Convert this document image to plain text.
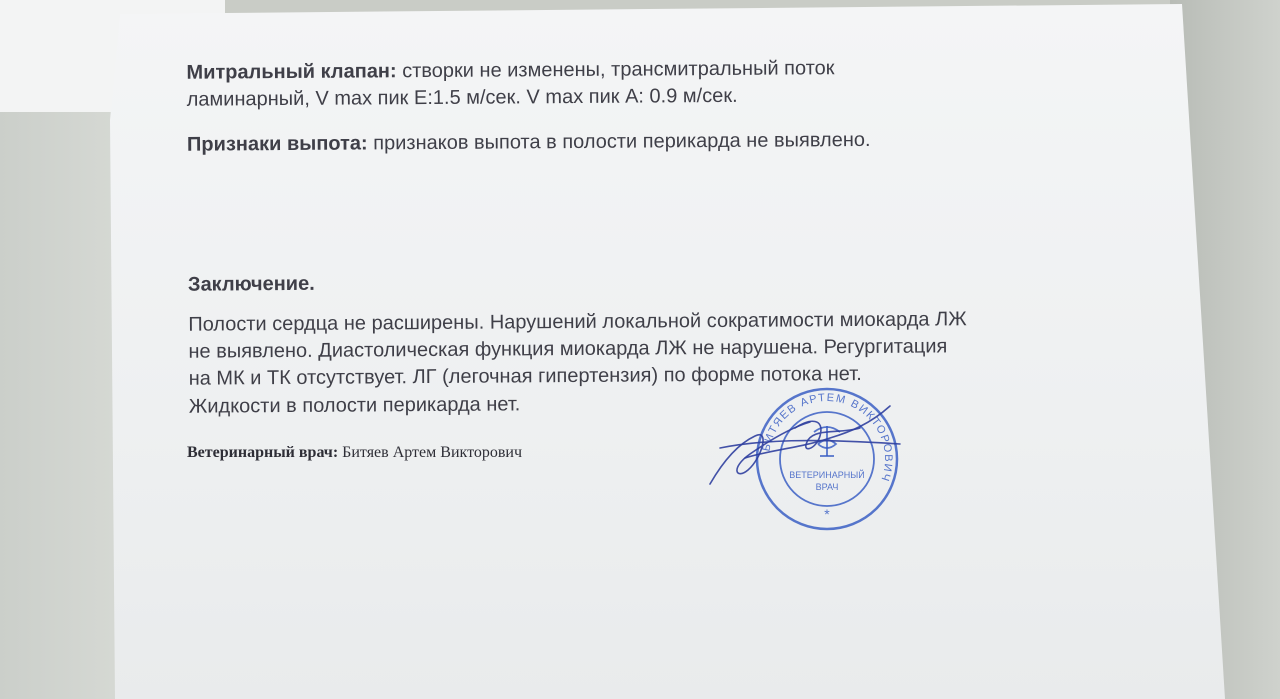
Митральный клапан: створки не изменены, трансмитральный поток

ламинарный, V max пик Е:1.5 м/сек. V max пик А: 0.9 м/сек.

Признаки выпота: признаков выпота в полости перикарда не выявлено.

Заключение.

Полости сердца не расширены. Нарушений локальной сократимости миокарда ЛЖ

не выявлено. Диастолическая функция миокарда ЛЖ не нарушена. Регургитация

на МК и ТК отсутствует. ЛГ (легочная гипертензия) по форме потока нет.

Жидкости в полости перикарда нет.

Ветеринарный врач: Битяев Артем Викторович	БИТЯЕВ АРТЕМ ВИКТОРОВИЧ
ВЕТЕРИНАРНЫЙ
ВРАЧ
*
